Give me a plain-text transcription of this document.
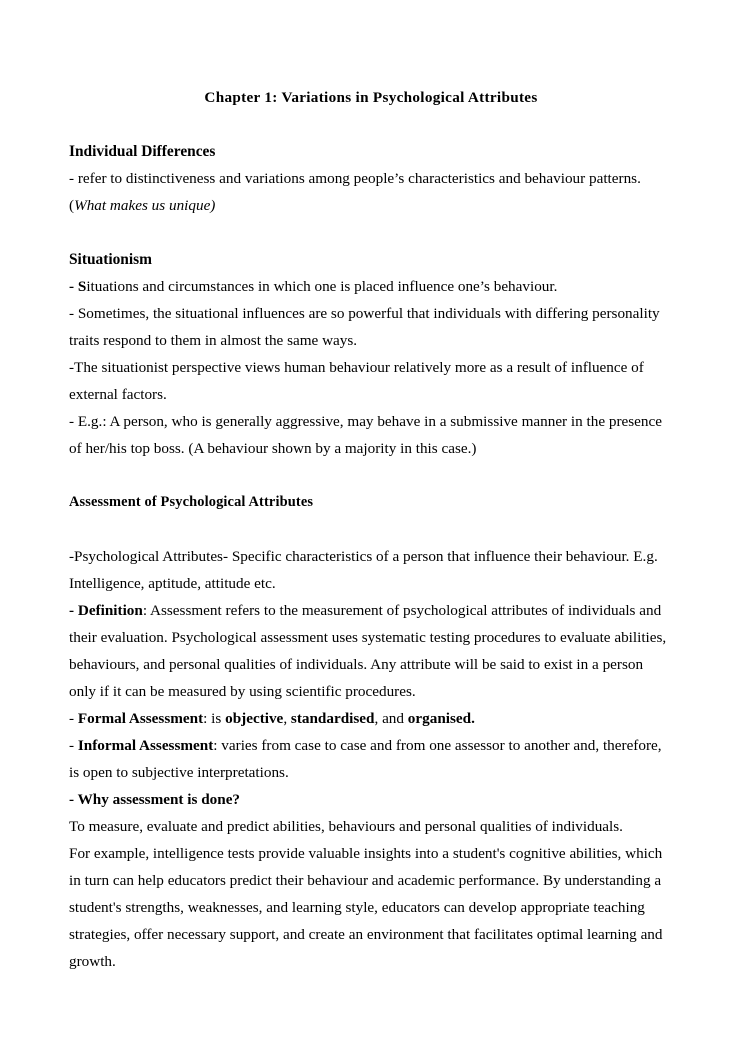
Chapter 1: Variations in Psychological Attributes
Individual Differences

- refer to distinctiveness and variations among people’s characteristics and behaviour patterns.

(What makes us unique)

Situationism

- Situations and circumstances in which one is placed influence one’s behaviour.

- Sometimes, the situational influences are so powerful that individuals with differing personality traits respond to them in almost the same ways.

-The situationist perspective views human behaviour relatively more as a result of influence of external factors.

- E.g.: A person, who is generally aggressive, may behave in a submissive manner in the presence of her/his top boss. (A behaviour shown by a majority in this case.)

Assessment of Psychological Attributes

-Psychological Attributes- Specific characteristics of a person that influence their behaviour. E.g. Intelligence, aptitude, attitude etc.

- Definition: Assessment refers to the measurement of psychological attributes of individuals and their evaluation. Psychological assessment uses systematic testing procedures to evaluate abilities, behaviours, and personal qualities of individuals. Any attribute will be said to exist in a person only if it can be measured by using scientific procedures.

- Formal Assessment: is objective, standardised, and organised.

- Informal Assessment: varies from case to case and from one assessor to another and, therefore, is open to subjective interpretations.

- Why assessment is done?

To measure, evaluate and predict abilities, behaviours and personal qualities of individuals.

For example, intelligence tests provide valuable insights into a student's cognitive abilities, which in turn can help educators predict their behaviour and academic performance. By understanding a student's strengths, weaknesses, and learning style, educators can develop appropriate teaching strategies, offer necessary support, and create an environment that facilitates optimal learning and growth.
